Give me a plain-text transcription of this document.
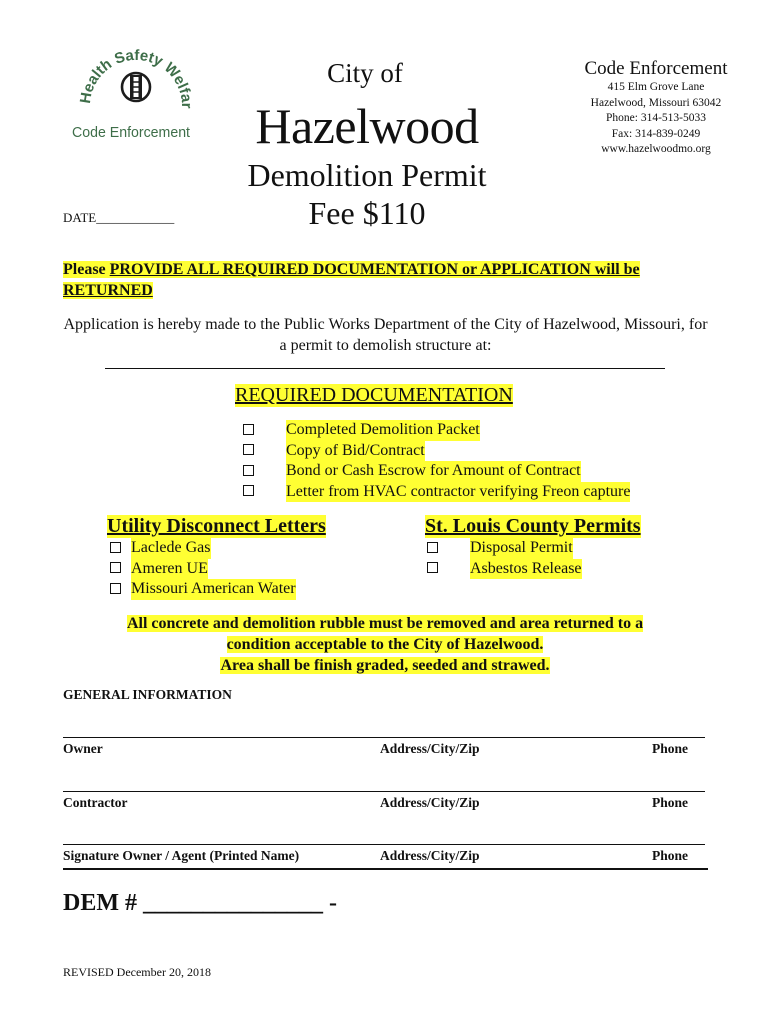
Health Safety Welfar
Code Enforcement
City of
Hazelwood
Demolition Permit
Fee $110
DATE____________
Code Enforcement
415 Elm Grove Lane
Hazelwood, Missouri 63042
Phone: 314-513-5033
Fax: 314-839-0249
www.hazelwoodmo.org
Please PROVIDE ALL REQUIRED DOCUMENTATION or APPLICATION will be RETURNED
Application is hereby made to the Public Works Department of the City of Hazelwood, Missouri, for a permit to demolish structure at:
REQUIRED DOCUMENTATION
Completed Demolition Packet
Copy of Bid/Contract
Bond or Cash Escrow for Amount of Contract
Letter from HVAC contractor verifying Freon capture
Utility Disconnect Letters
Laclede Gas
Ameren UE
Missouri American Water
St. Louis County Permits
Disposal Permit
Asbestos Release
All concrete and demolition rubble must be removed and area returned to a
condition acceptable to the City of Hazelwood.
Area shall be finish graded, seeded and strawed.
GENERAL INFORMATION
Owner	Address/City/Zip	Phone
Contractor	Address/City/Zip	Phone
Signature Owner / Agent (Printed Name)	Address/City/Zip	Phone
DEM # _______________ -
REVISED December 20, 2018
